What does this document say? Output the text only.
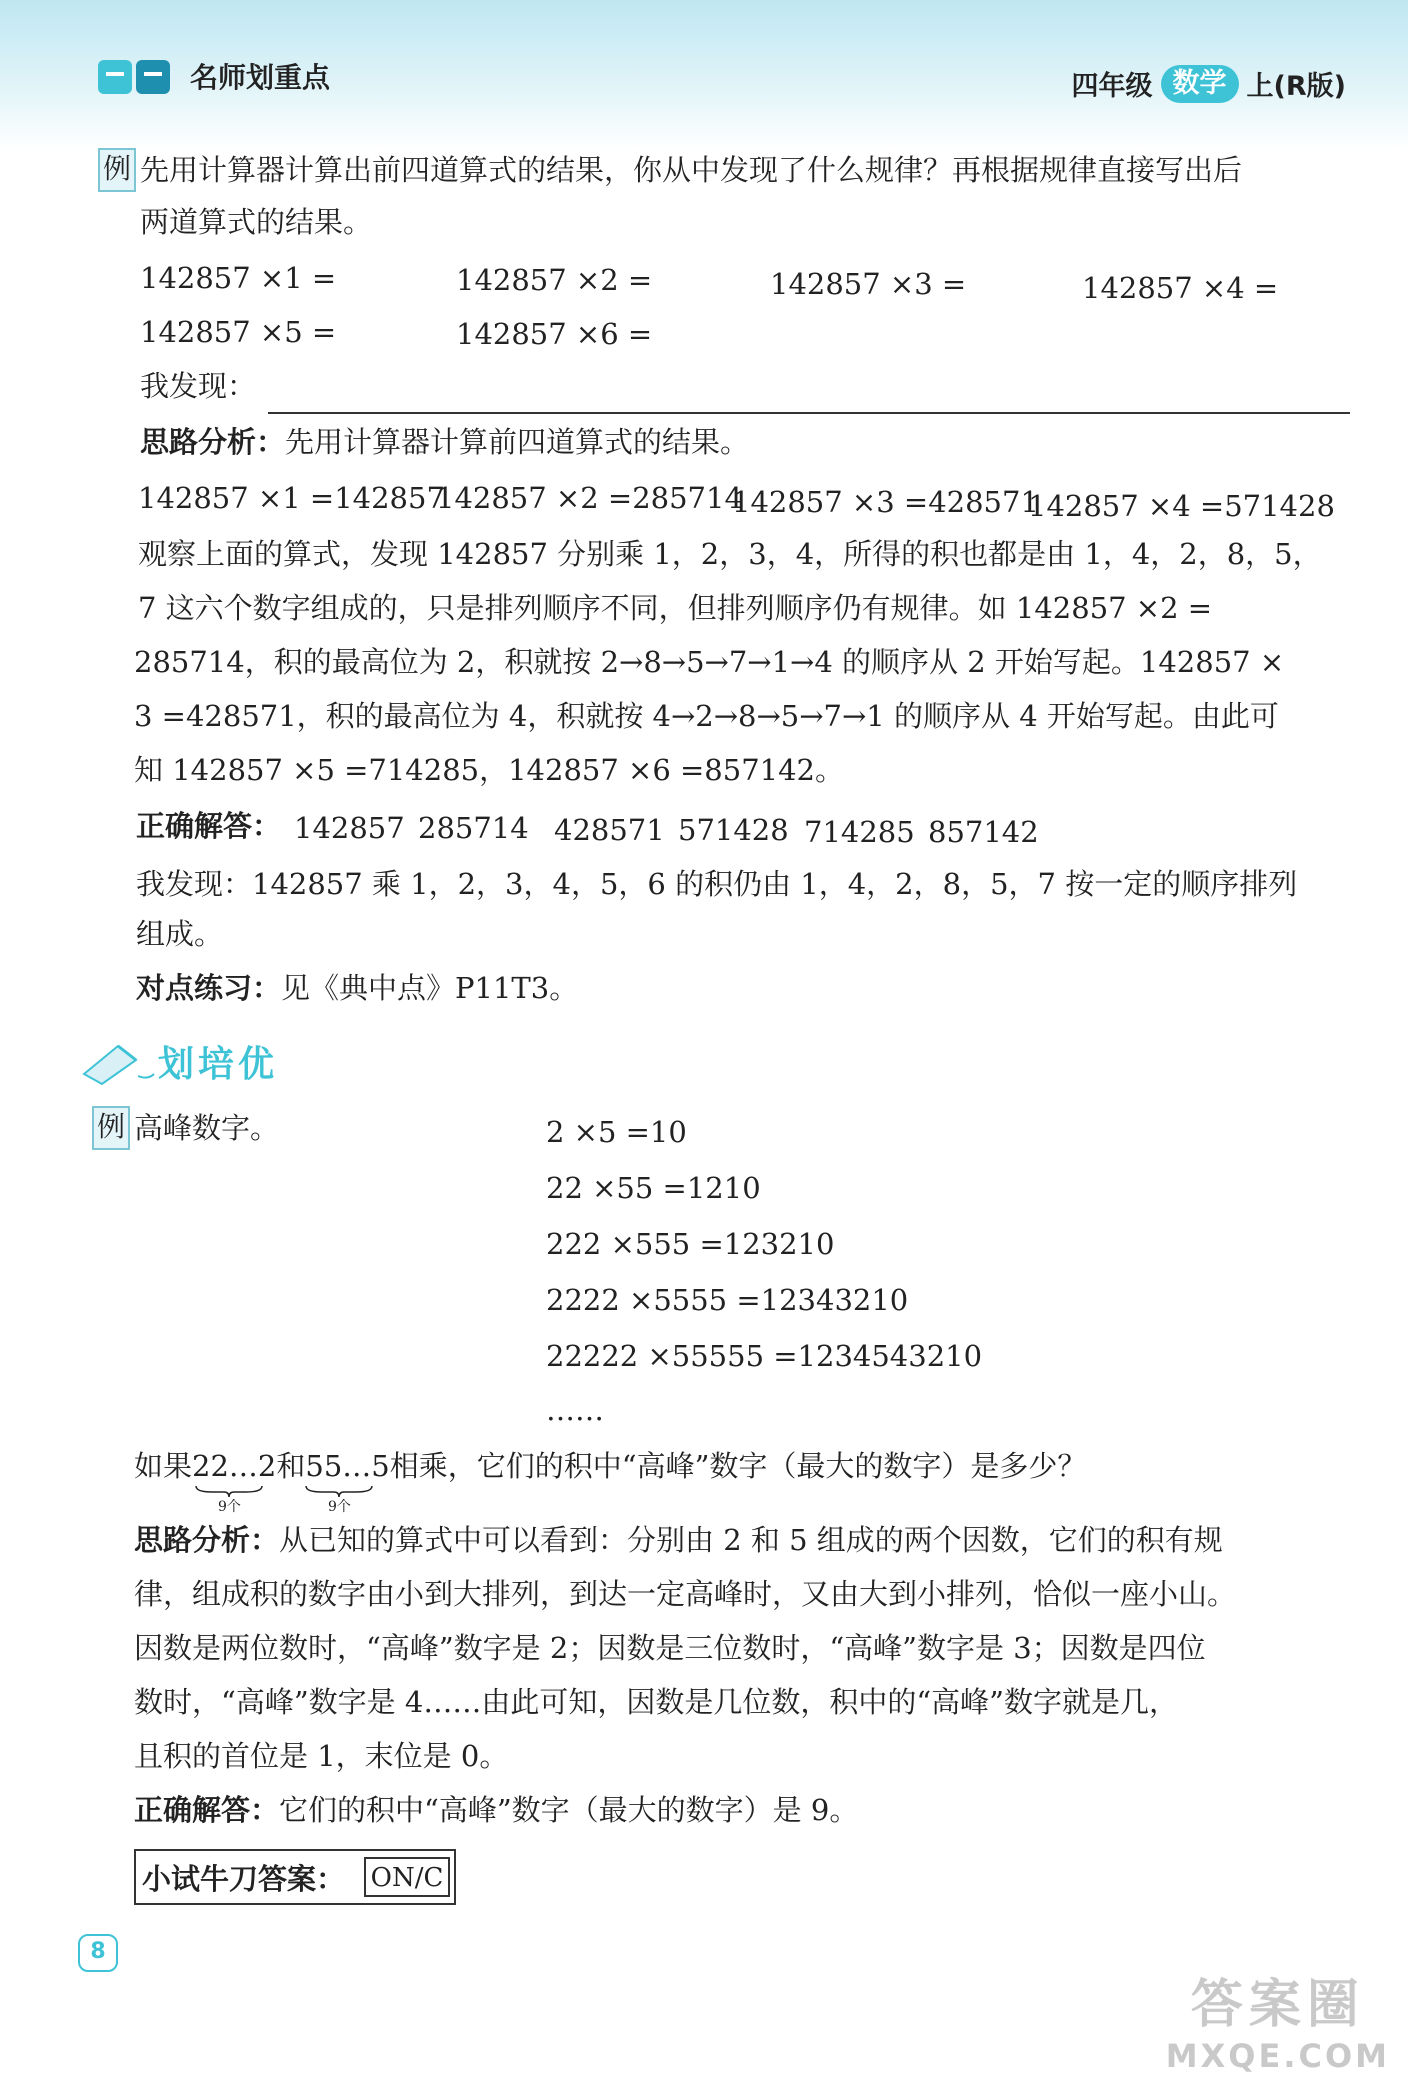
名师划重点	四年级 数学 上(R版)
例 先用计算器计算出前四道算式的结果，你从中发现了什么规律？再根据规律直接写出后
两道算式的结果。
142857 ×1 =	142857 ×2 =	142857 ×3 =	142857 ×4 =
142857 ×5 =	142857 ×6 =
我发现：
思路分析：先用计算器计算前四道算式的结果。
142857 ×1 =142857
142857 ×2 =285714
142857 ×3 =428571
142857 ×4 =571428
观察上面的算式，发现 142857 分别乘 1，2，3，4，所得的积也都是由 1，4，2，8，5，
7 这六个数字组成的，只是排列顺序不同，但排列顺序仍有规律。如 142857 ×2 =
285714，积的最高位为 2，积就按 2→8→5→7→1→4 的顺序从 2 开始写起。142857 ×
3 =428571，积的最高位为 4，积就按 4→2→8→5→7→1 的顺序从 4 开始写起。由此可
知 142857 ×5 =714285，142857 ×6 =857142。
正确解答： 142857 285714 428571 571428 714285 857142
我发现：142857 乘 1，2，3，4，5，6 的积仍由 1，4，2，8，5，7 按一定的顺序排列
组成。
对点练习：见《典中点》P11T3。
划培优
例 高峰数字。	2 ×5 =10
22 ×55 =1210
222 ×555 =123210
2222 ×5555 =12343210
22222 ×55555 =1234543210
……
如果22…2和55…5相乘，它们的积中“高峰”数字（最大的数字）是多少？
9个	9个
思路分析：从已知的算式中可以看到：分别由 2 和 5 组成的两个因数，它们的积有规
律，组成积的数字由小到大排列，到达一定高峰时，又由大到小排列，恰似一座小山。
因数是两位数时，“高峰”数字是 2；因数是三位数时，“高峰”数字是 3；因数是四位
数时，“高峰”数字是 4……由此可知，因数是几位数，积中的“高峰”数字就是几，
且积的首位是 1，末位是 0。
正确解答：它们的积中“高峰”数字（最大的数字）是 9。
小试牛刀答案： ON/C
8
答案圈
MXQE.COM
